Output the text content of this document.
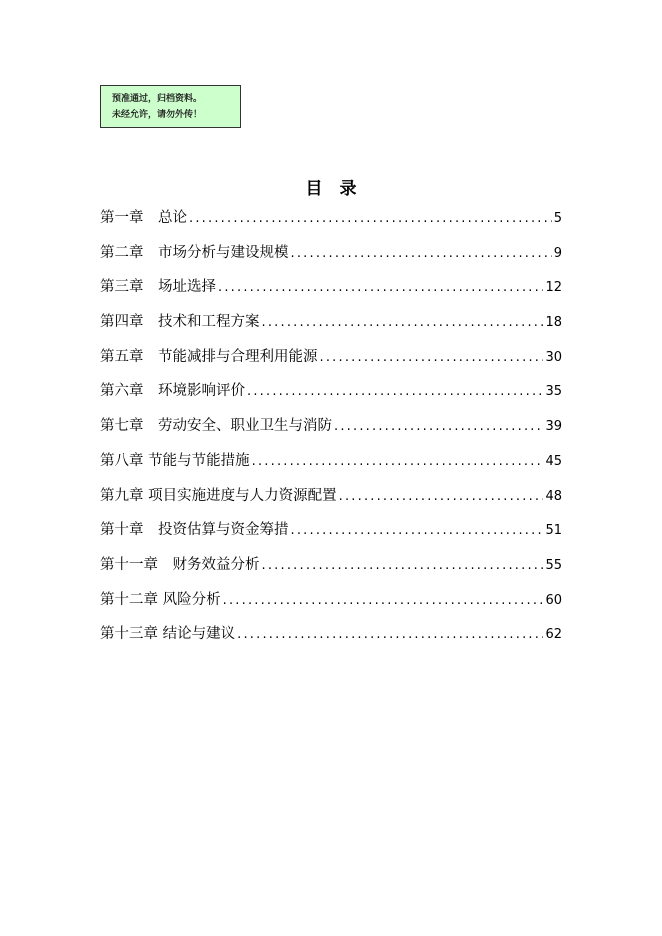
预准通过，归档资料。
未经允许，请勿外传！
目　录
第一章　总论 .....	5
第二章　市场分析与建设规模 .....	9
第三章　场址选择 .....	12
第四章　技术和工程方案 .....	18
第五章　节能减排与合理利用能源 .....	30
第六章　环境影响评价 .....	35
第七章　劳动安全、职业卫生与消防 .....	39
第八章 节能与节能措施 .....	45
第九章 项目实施进度与人力资源配置 .....	48
第十章　投资估算与资金筹措 .....	51
第十一章　财务效益分析 .....	55
第十二章 风险分析 .....	60
第十三章 结论与建议 .....	62
